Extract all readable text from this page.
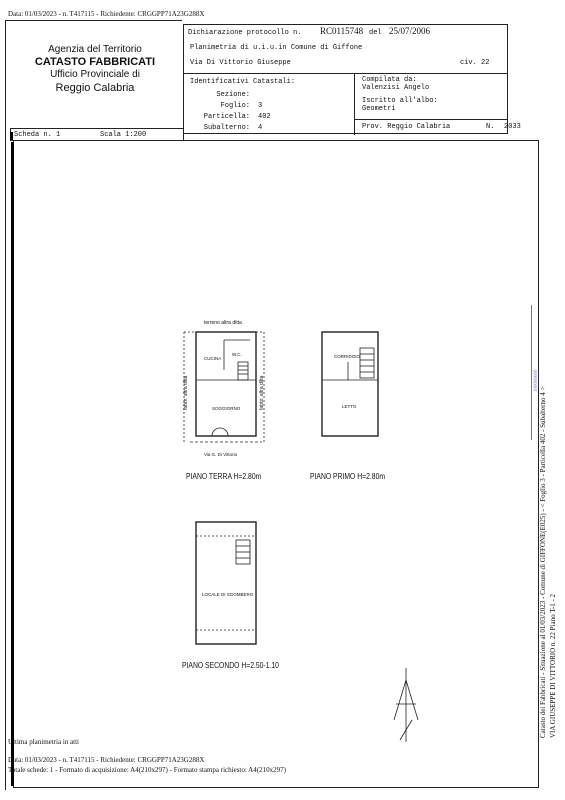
Data: 01/03/2023 - n. T417115 - Richiedente: CRGGPP71A23G288X
Agenzia del Territorio
CATASTO FABBRICATI
Ufficio Provinciale di
Reggio Calabria
Dichiarazione protocollo n. RC0115748 del 25/07/2006
Planimetria di u.i.u.in Comune di Giffone
Via Di Vittorio Giuseppe	civ. 22
Identificativi Catastali:
Sezione:
Foglio: 3
Particella: 402
Subalterno: 4
Compilata da:
Valenzisi Angelo
Iscritto all'albo:
Geometri
Prov. Reggio Calabria	N. 2033
Scheda n. 1	Scala 1:200
100000000
Catasto dei Fabbricati - Situazione al 01/03/2023 - Comune di GIFFONE(E025) - < Foglio 3 - Particella 402 - Subalterno 4 > VIA GIUSEPPE DI VITTORIO n. 22 Piano T-1 - 2
terreno altra ditta
fabbr. altra ditta	fabbr. altra ditta
CUCINA
W.C.
SOGGIORNO
Via G. Di Vittorio
CORRIDOIO
LETTO
LOCALE DI SGOMBERO
PIANO TERRA H=2.80m	PIANO PRIMO H=2.80m
PIANO SECONDO H=2.50-1.10
Ultima planimetria in atti
Data: 01/03/2023 - n. T417115 - Richiedente: CRGGPP71A23G288X
Totale schede: 1 - Formato di acquisizione: A4(210x297) - Formato stampa richiesto: A4(210x297)
